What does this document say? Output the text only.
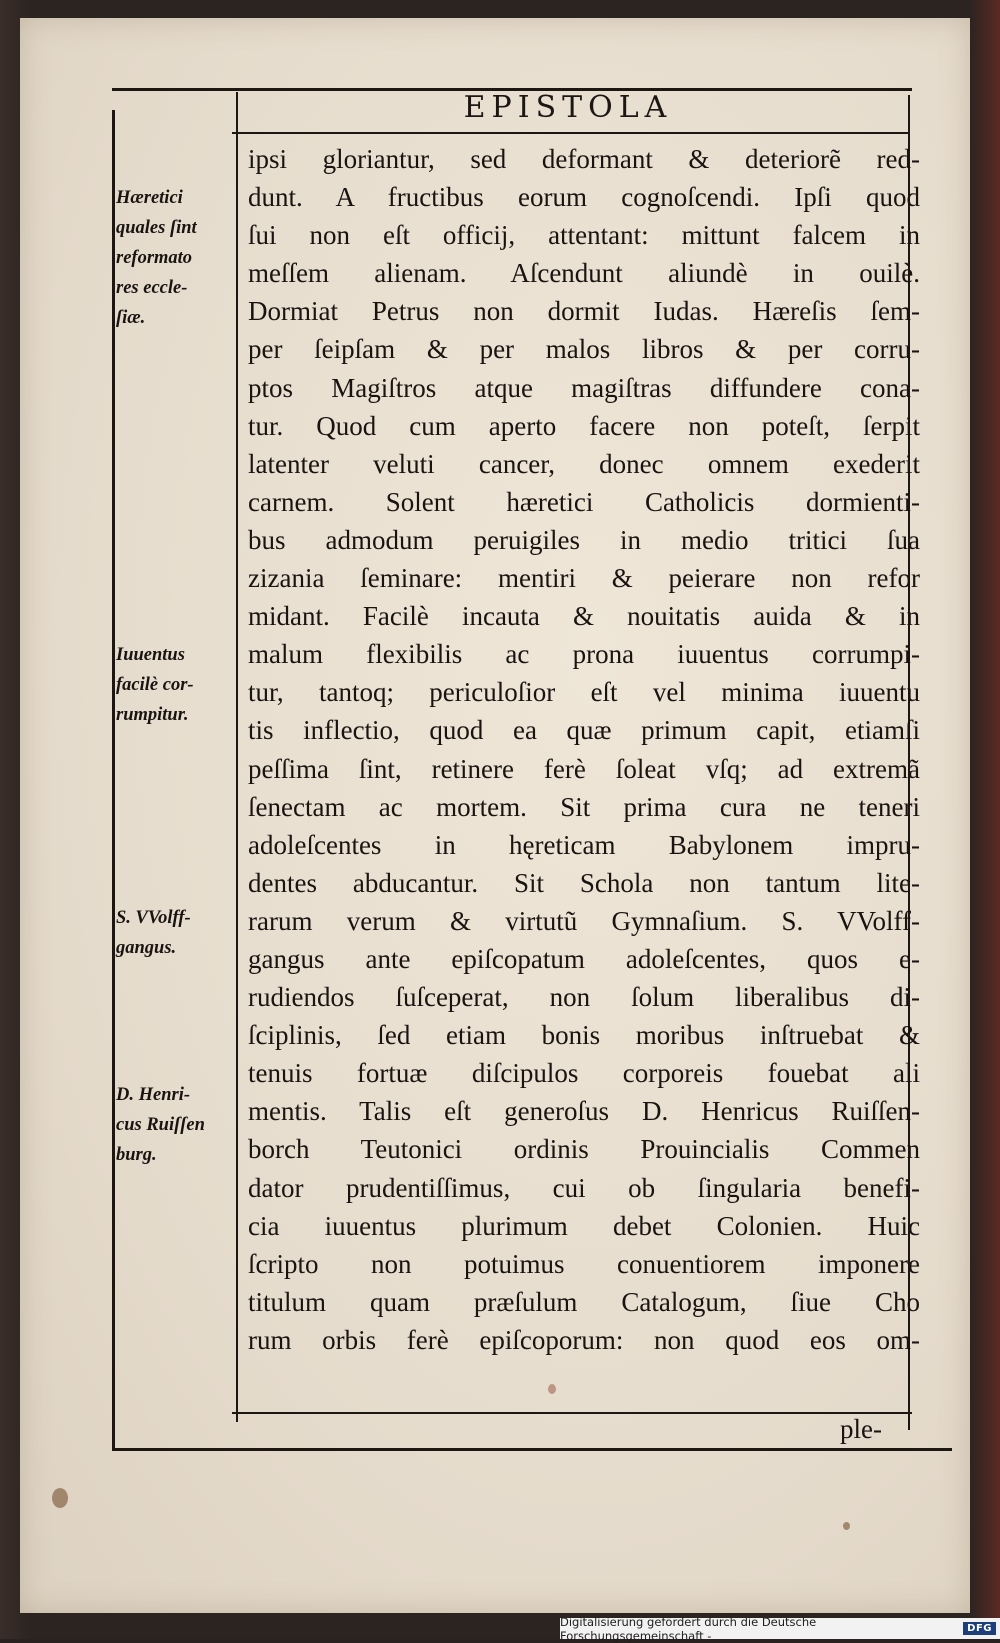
EPISTOLA
ipsi gloriantur, sed deformant & deteriorẽ red-
dunt. A fructibus eorum cognoſcendi. Ipſi quod
ſui non eſt officij, attentant: mittunt falcem in
meſſem alienam. Aſcendunt aliundè in ouilè.
Dormiat Petrus non dormit Iudas. Hæreſis ſem-
per ſeipſam & per malos libros & per corru-
ptos Magiſtros atque magiſtras diffundere cona-
tur. Quod cum aperto facere non poteſt, ſerpit
latenter veluti cancer, donec omnem exederit
carnem. Solent hæretici Catholicis dormienti-
bus admodum peruigiles in medio tritici ſua
zizania ſeminare: mentiri & peierare non refor
midant. Facilè incauta & nouitatis auida & in
malum flexibilis ac prona iuuentus corrumpi-
tur, tantoq; periculoſior eſt vel minima iuuentu
tis inflectio, quod ea quæ primum capit, etiamſi
peſſima ſint, retinere ferè ſoleat vſq; ad extremã
ſenectam ac mortem. Sit prima cura ne teneri
adoleſcentes in hęreticam Babylonem impru-
dentes abducantur. Sit Schola non tantum lite-
rarum verum & virtutũ Gymnaſium. S. VVolff-
gangus ante epiſcopatum adoleſcentes, quos e-
rudiendos ſuſceperat, non ſolum liberalibus di-
ſciplinis, ſed etiam bonis moribus inſtruebat &
tenuis fortuæ diſcipulos corporeis fouebat ali
mentis. Talis eſt generoſus D. Henricus Ruiſſen-
borch Teutonici ordinis Prouincialis Commen
dator prudentiſſimus, cui ob ſingularia benefi-
cia iuuentus plurimum debet Colonien. Huic
ſcripto non potuimus conuentiorem imponere
titulum quam præſulum Catalogum, ſiue Cho
rum orbis ferè epiſcoporum: non quod eos om-
Hæretici
quales ſint
reformato
res eccle-
ſiæ.
Iuuentus
facilè cor-
rumpitur.
S. VVolff-
gangus.
D. Henri-
cus Ruiſſen
burg.
ple-
Digitalisierung gefördert durch die Deutsche Forschungsgemeinschaft -	DFG
